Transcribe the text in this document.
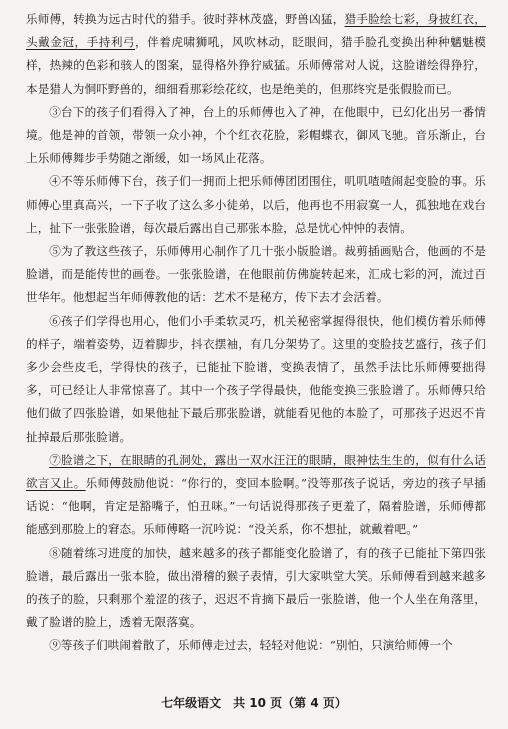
乐师傅，转换为远古时代的猎手。彼时莽林茂盛，野兽凶猛，猎手脸绘七彩，身披红衣，头戴金冠，手持利弓，伴着虎啸狮吼，风吹林动，眨眼间，猎手脸孔变换出种种魑魅模样，热辣的色彩和骇人的图案，显得格外狰狞威猛。乐师傅常对人说，这脸谱绘得狰狞，本是猎人为恫吓野兽的，细细看那彩绘花纹，也是绝美的，但那终究是张假脸而已。

③台下的孩子们看得入了神，台上的乐师傅也入了神，在他眼中，已幻化出另一番情境。他是神的首领，带领一众小神，个个红衣花脸，彩帽蝶衣，御风飞驰。音乐渐止，台上乐师傅舞步手势随之渐缓，如一场风止花落。

④不等乐师傅下台，孩子们一拥而上把乐师傅团团围住，叽叽喳喳闹起变脸的事。乐师傅心里真高兴，一下子收了这么多小徒弟，以后，他再也不用寂寞一人，孤独地在戏台上，扯下一张张脸谱，每次最后露出自己那张本脸，总是忧心忡忡的表情。

⑤为了教这些孩子，乐师傅用心制作了几十张小版脸谱。裁剪插画贴合，他画的不是脸谱，而是能传世的画卷。一张张脸谱，在他眼前仿佛旋转起来，汇成七彩的河，流过百世华年。他想起当年师傅教他的话：艺术不是秘方，传下去才会活着。

⑥孩子们学得也用心，他们小手柔软灵巧，机关秘密掌握得很快，他们模仿着乐师傅的样子，端着姿势，迈着脚步，抖衣摆袖，有几分架势了。这里的变脸技艺盛行，孩子们多少会些皮毛，学得快的孩子，已能扯下脸谱，变换表情了，虽然手法比乐师傅要拙得多，可已经让人非常惊喜了。其中一个孩子学得最快，他能变换三张脸谱了。乐师傅只给他们做了四张脸谱，如果他扯下最后那张脸谱，就能看见他的本脸了，可那孩子迟迟不肯扯掉最后那张脸谱。

⑦脸谱之下，在眼睛的孔洞处，露出一双水汪汪的眼睛，眼神怯生生的，似有什么话欲言又止。乐师傅鼓励他说：“你行的，变回本脸啊。”没等那孩子说话，旁边的孩子早插话说：“他啊，肯定是豁嘴子，怕丑咪。”一句话说得那孩子更羞了，隔着脸谱，乐师傅都能感到那脸上的窘态。乐师傅略一沉吟说：“没关系，你不想扯，就戴着吧。”

⑧随着练习进度的加快，越来越多的孩子都能变化脸谱了，有的孩子已能扯下第四张脸谱，最后露出一张本脸，做出滑稽的猴子表情，引大家哄堂大笑。乐师傅看到越来越多的孩子的脸，只剩那个羞涩的孩子，迟迟不肯摘下最后一张脸谱，他一个人坐在角落里，戴了脸谱的脸上，透着无限落寞。

⑨等孩子们哄闹着散了，乐师傅走过去，轻轻对他说：“别怕，只演给师傅一个

七年级语文　共 10 页（第 4 页）
